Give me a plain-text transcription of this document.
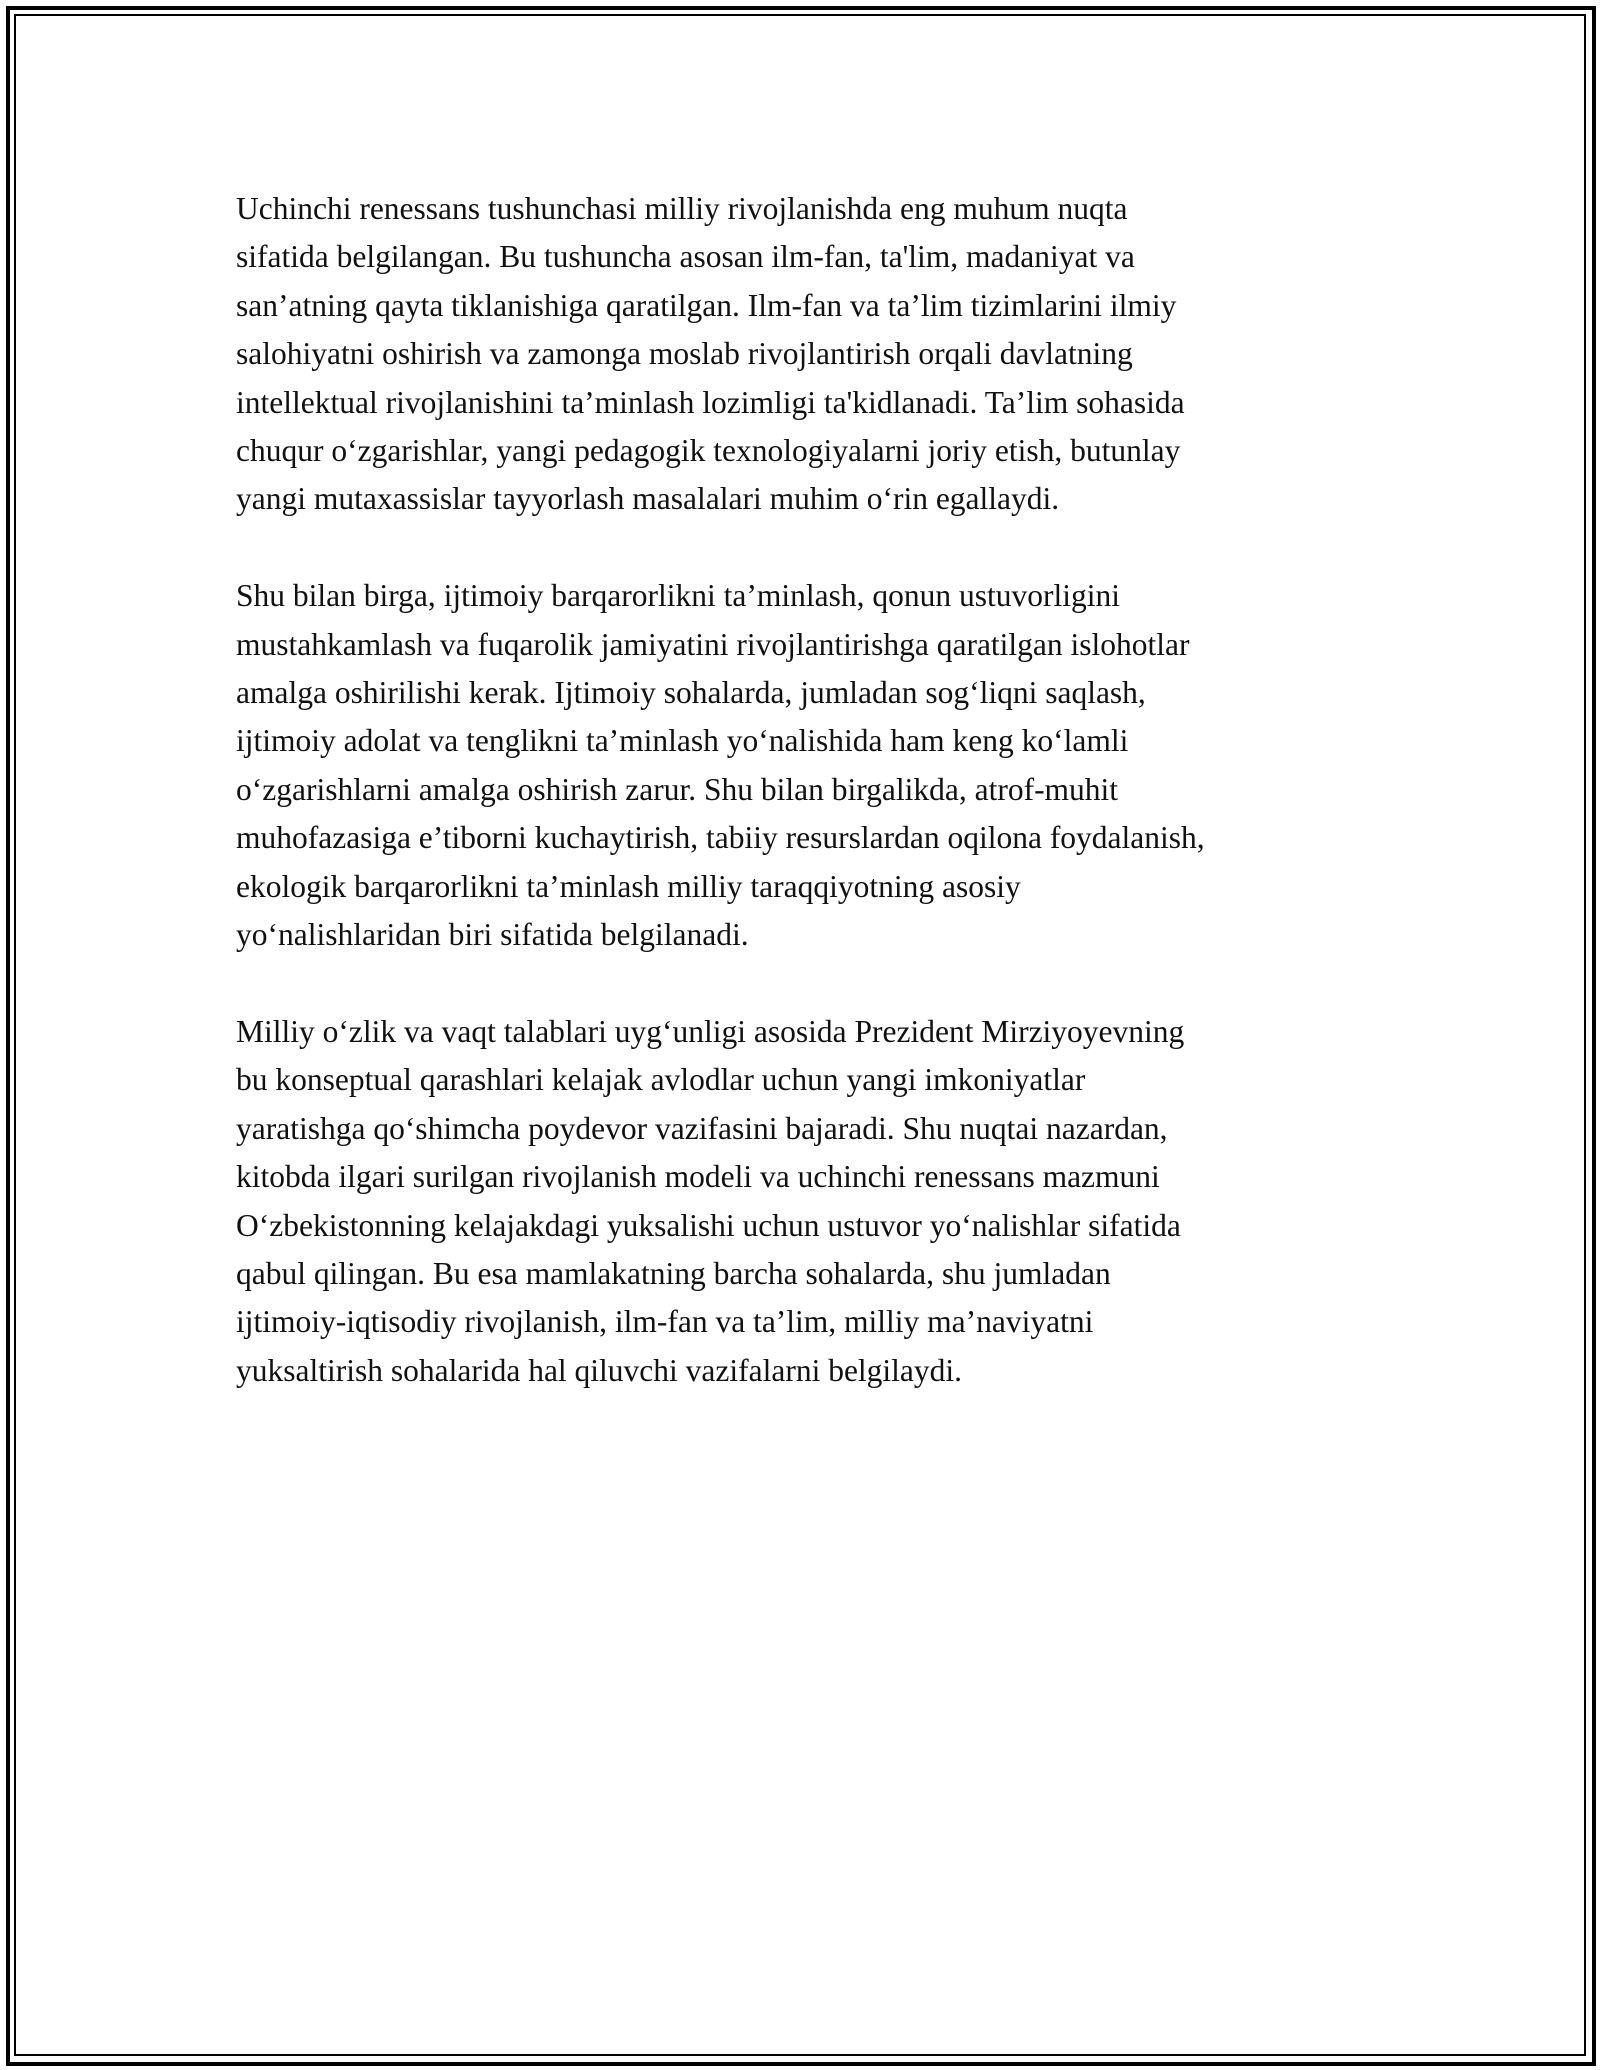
Uchinchi renessans tushunchasi milliy rivojlanishda eng muhum nuqta
sifatida belgilangan. Bu tushuncha asosan ilm-fan, ta'lim, madaniyat va
san’atning qayta tiklanishiga qaratilgan. Ilm-fan va ta’lim tizimlarini ilmiy
salohiyatni oshirish va zamonga moslab rivojlantirish orqali davlatning
intellektual rivojlanishini ta’minlash lozimligi ta'kidlanadi. Ta’lim sohasida
chuqur o‘zgarishlar, yangi pedagogik texnologiyalarni joriy etish, butunlay
yangi mutaxassislar tayyorlash masalalari muhim o‘rin egallaydi.

Shu bilan birga, ijtimoiy barqarorlikni ta’minlash, qonun ustuvorligini
mustahkamlash va fuqarolik jamiyatini rivojlantirishga qaratilgan islohotlar
amalga oshirilishi kerak. Ijtimoiy sohalarda, jumladan sog‘liqni saqlash,
ijtimoiy adolat va tenglikni ta’minlash yo‘nalishida ham keng ko‘lamli
o‘zgarishlarni amalga oshirish zarur. Shu bilan birgalikda, atrof-muhit
muhofazasiga e’tiborni kuchaytirish, tabiiy resurslardan oqilona foydalanish,
ekologik barqarorlikni ta’minlash milliy taraqqiyotning asosiy
yo‘nalishlaridan biri sifatida belgilanadi.

Milliy o‘zlik va vaqt talablari uyg‘unligi asosida Prezident Mirziyoyevning
bu konseptual qarashlari kelajak avlodlar uchun yangi imkoniyatlar
yaratishga qo‘shimcha poydevor vazifasini bajaradi. Shu nuqtai nazardan,
kitobda ilgari surilgan rivojlanish modeli va uchinchi renessans mazmuni
O‘zbekistonning kelajakdagi yuksalishi uchun ustuvor yo‘nalishlar sifatida
qabul qilingan. Bu esa mamlakatning barcha sohalarda, shu jumladan
ijtimoiy-iqtisodiy rivojlanish, ilm-fan va ta’lim, milliy ma’naviyatni
yuksaltirish sohalarida hal qiluvchi vazifalarni belgilaydi.
